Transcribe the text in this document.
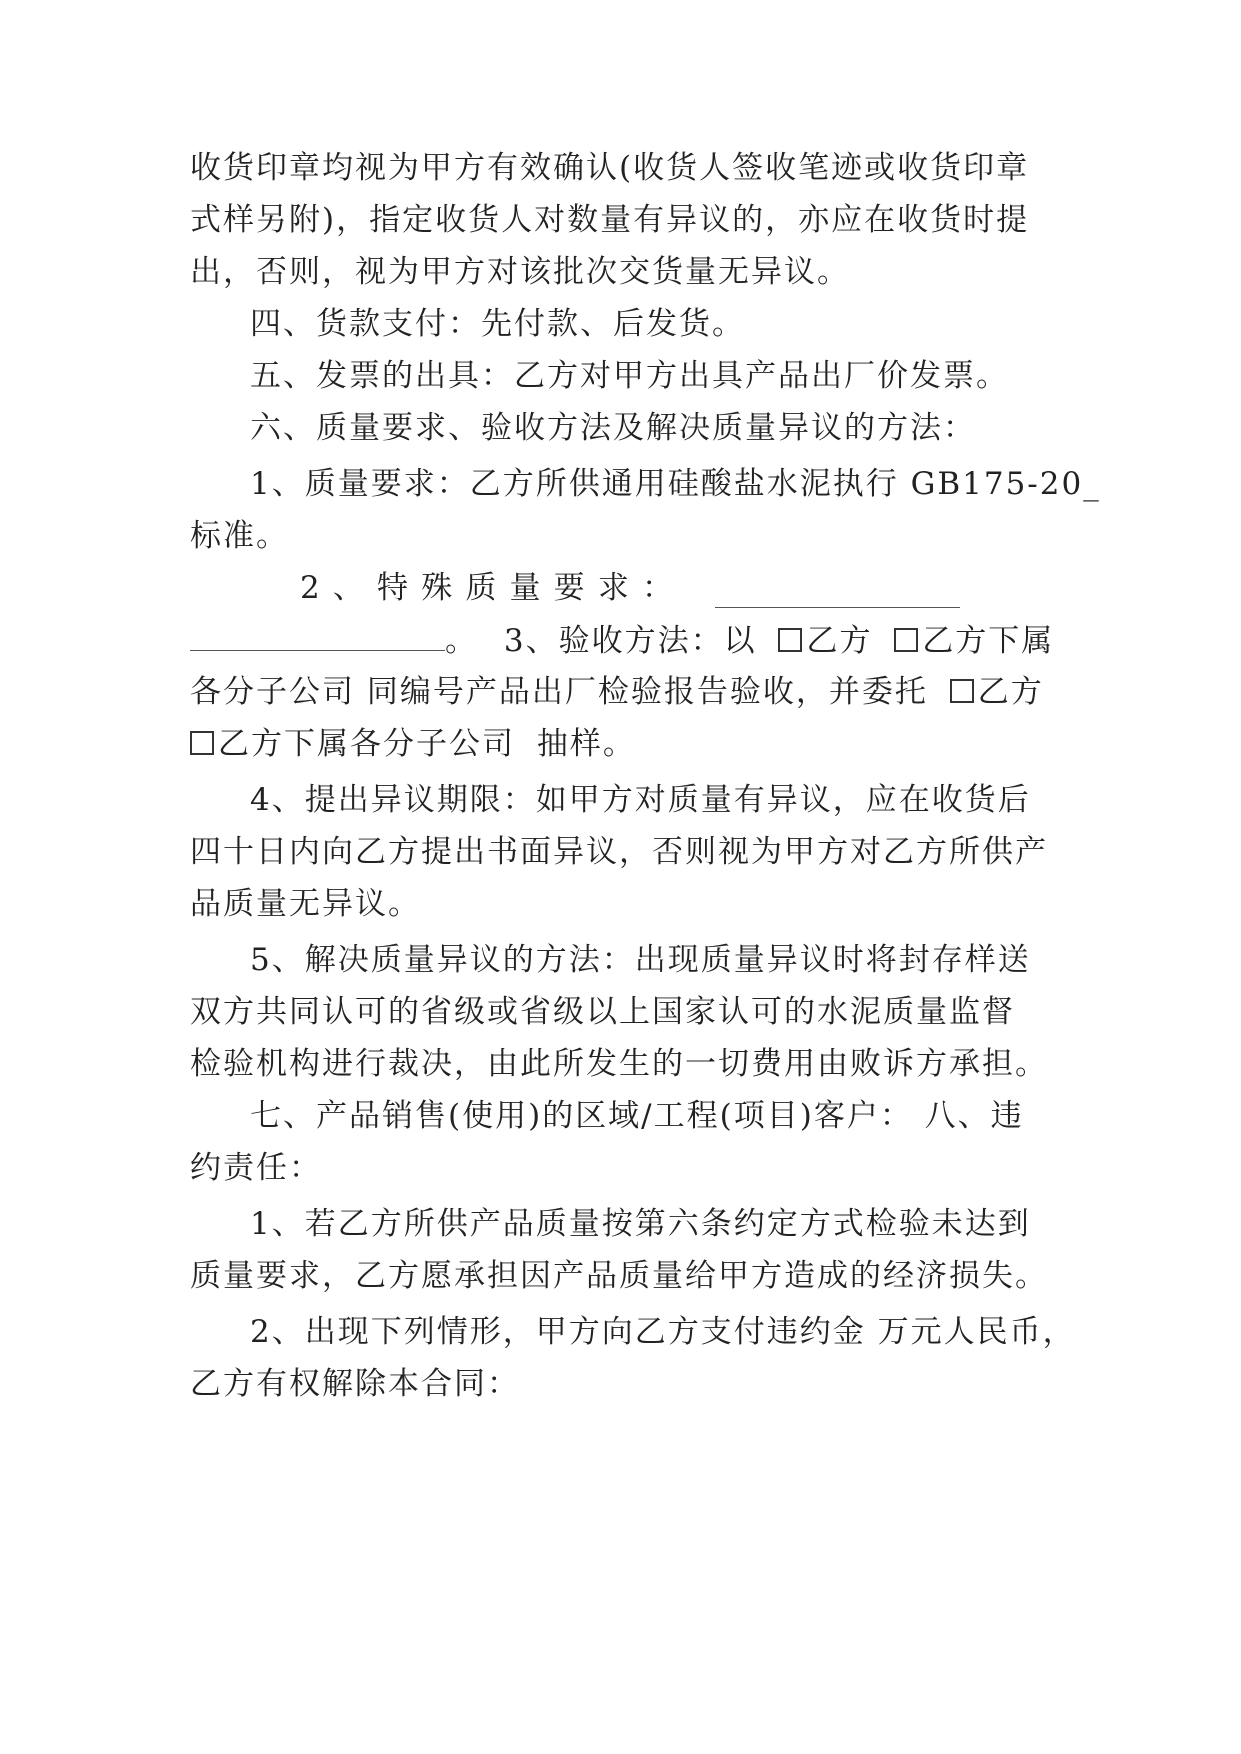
收货印章均视为甲方有效确认(收货人签收笔迹或收货印章
式样另附)，指定收货人对数量有异议的，亦应在收货时提
出，否则，视为甲方对该批次交货量无异议。
四、货款支付：先付款、后发货。
五、发票的出具：乙方对甲方出具产品出厂价发票。
六、质量要求、验收方法及解决质量异议的方法：
1、质量要求：乙方所供通用硅酸盐水泥执行 GB175-20_
标准。
2 、 特 殊 质 量 要 求 ：
。 3、验收方法：以 乙方 乙方下属
各分子公司 同编号产品出厂检验报告验收，并委托 乙方
乙方下属各分子公司 抽样。
4、提出异议期限：如甲方对质量有异议，应在收货后
四十日内向乙方提出书面异议，否则视为甲方对乙方所供产
品质量无异议。
5、解决质量异议的方法：出现质量异议时将封存样送
双方共同认可的省级或省级以上国家认可的水泥质量监督
检验机构进行裁决，由此所发生的一切费用由败诉方承担。
七、产品销售(使用)的区域/工程(项目)客户： 八、违
约责任：
1、若乙方所供产品质量按第六条约定方式检验未达到
质量要求，乙方愿承担因产品质量给甲方造成的经济损失。
2、出现下列情形，甲方向乙方支付违约金 万元人民币，
乙方有权解除本合同：
